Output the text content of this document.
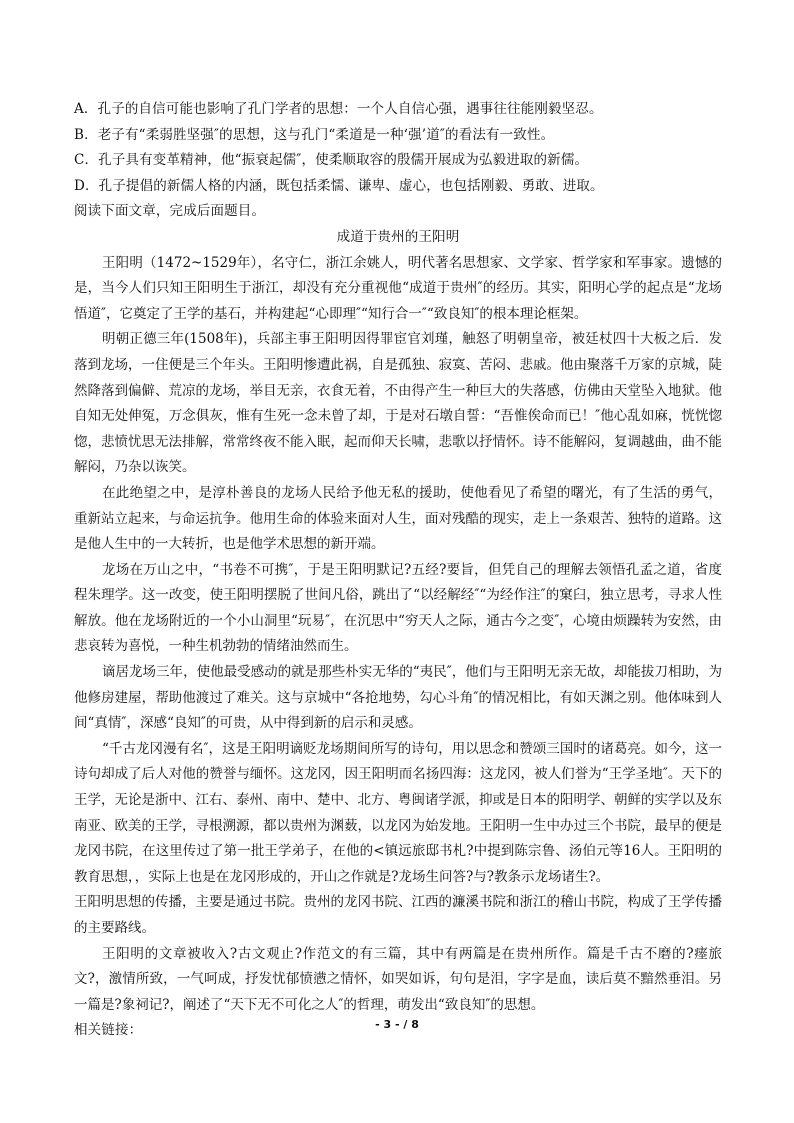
A．孔子的自信可能也影响了孔门学者的思想：一个人自信心强，遇事往往能刚毅坚忍。
B．老子有“柔弱胜坚强″的思想，这与孔门“柔道是一种‘强’道″的看法有一致性。
C．孔子具有变革精神，他“振衰起儒″，使柔顺取容的殷儒开展成为弘毅进取的新儒。
D．孔子提倡的新儒人格的内涵，既包括柔懦、谦卑、虚心，也包括刚毅、勇敢、进取。
阅读下面文章，完成后面题目。
成道于贵州的王阳明
王阳明（1472~1529年），名守仁，浙江余姚人，明代著名思想家、文学家、哲学家和军事家。遗憾的是，当今人们只知王阳明生于浙江，却没有充分重视他“成道于贵州″的经历。其实，阳明心学的起点是“龙场悟道″，它奠定了王学的基石，并构建起“心即理″“知行合一″“致良知″的根本理论框架。
明朝正德三年(1508年)，兵部主事王阳明因得罪宦官刘瑾，触怒了明朝皇帝，被廷杖四十大板之后．发落到龙场，一住便是三个年头。王阳明惨遭此祸，自是孤独、寂寞、苦闷、悲戚。他由聚落千万家的京城，陡然降落到偏僻、荒凉的龙场，举目无亲，衣食无着，不由得产生一种巨大的失落感，仿佛由天堂坠入地狱。他自知无处伸冤，万念俱灰，惟有生死一念未曾了却，于是对石墩自誓：“吾惟俟命而已！″他心乱如麻，恍恍惚惚，悲愤忧思无法排解，常常终夜不能入眠，起而仰天长啸，悲歌以抒情怀。诗不能解闷，复调越曲，曲不能解闷，乃杂以诙笑。
在此绝望之中，是淳朴善良的龙场人民给予他无私的援助，使他看见了希望的曙光，有了生活的勇气，重新站立起来，与命运抗争。他用生命的体验来面对人生，面对残酷的现实，走上一条艰苦、独特的道路。这是他人生中的一大转折，也是他学术思想的新开端。
龙场在万山之中，“书卷不可携″，于是王阳明默记?五经?要旨，但凭自己的理解去领悟孔孟之道，省度程朱理学。这一改变，使王阳明摆脱了世间凡俗，跳出了“以经解经″“为经作注″的窠臼，独立思考，寻求人性解放。他在龙场附近的一个小山洞里“玩易″，在沉思中“穷天人之际，通古今之变″，心境由烦躁转为安然，由悲哀转为喜悦，一种生机勃勃的情绪油然而生。
谪居龙场三年，使他最受感动的就是那些朴实无华的“夷民″，他们与王阳明无亲无故，却能拔刀相助，为他修房建屋，帮助他渡过了难关。这与京城中“各抢地势，勾心斗角″的情况相比，有如天渊之别。他体味到人间“真情″，深感“良知″的可贵，从中得到新的启示和灵感。
“千古龙冈漫有名″，这是王阳明谪贬龙场期间所写的诗句，用以思念和赞颂三国时的诸葛亮。如今，这一诗句却成了后人对他的赞誉与缅怀。这龙冈，因王阳明而名扬四海：这龙冈，被人们誉为“王学圣地″。天下的王学，无论是浙中、江右、泰州、南中、楚中、北方、粤闽诸学派，抑或是日本的阳明学、朝鲜的实学以及东南亚、欧美的王学，寻根溯源，都以贵州为渊薮，以龙冈为始发地。王阳明一生中办过三个书院，最早的便是龙冈书院，在这里传过了第一批王学弟子，在他的<镇远旅邸书札?中提到陈宗鲁、汤伯元等16人。王阳明的教育思想，，实际上也是在龙冈形成的，开山之作就是?龙场生问答?与?教条示龙场诸生?。
王阳明思想的传播，主要是通过书院。贵州的龙冈书院、江西的濂溪书院和浙江的稽山书院，构成了王学传播的主要路线。
王阳明的文章被收入?古文观止?作范文的有三篇，其中有两篇是在贵州所作。篇是千古不磨的?瘗旅文?，激情所致，一气呵成，抒发忧郁愤懑之情怀，如哭如诉，句句是泪，字字是血，读后莫不黯然垂泪。另一篇是?象祠记?，阐述了“天下无不可化之人″的哲理，萌发出“致良知″的思想。
相关链接：	- 3 - / 8
